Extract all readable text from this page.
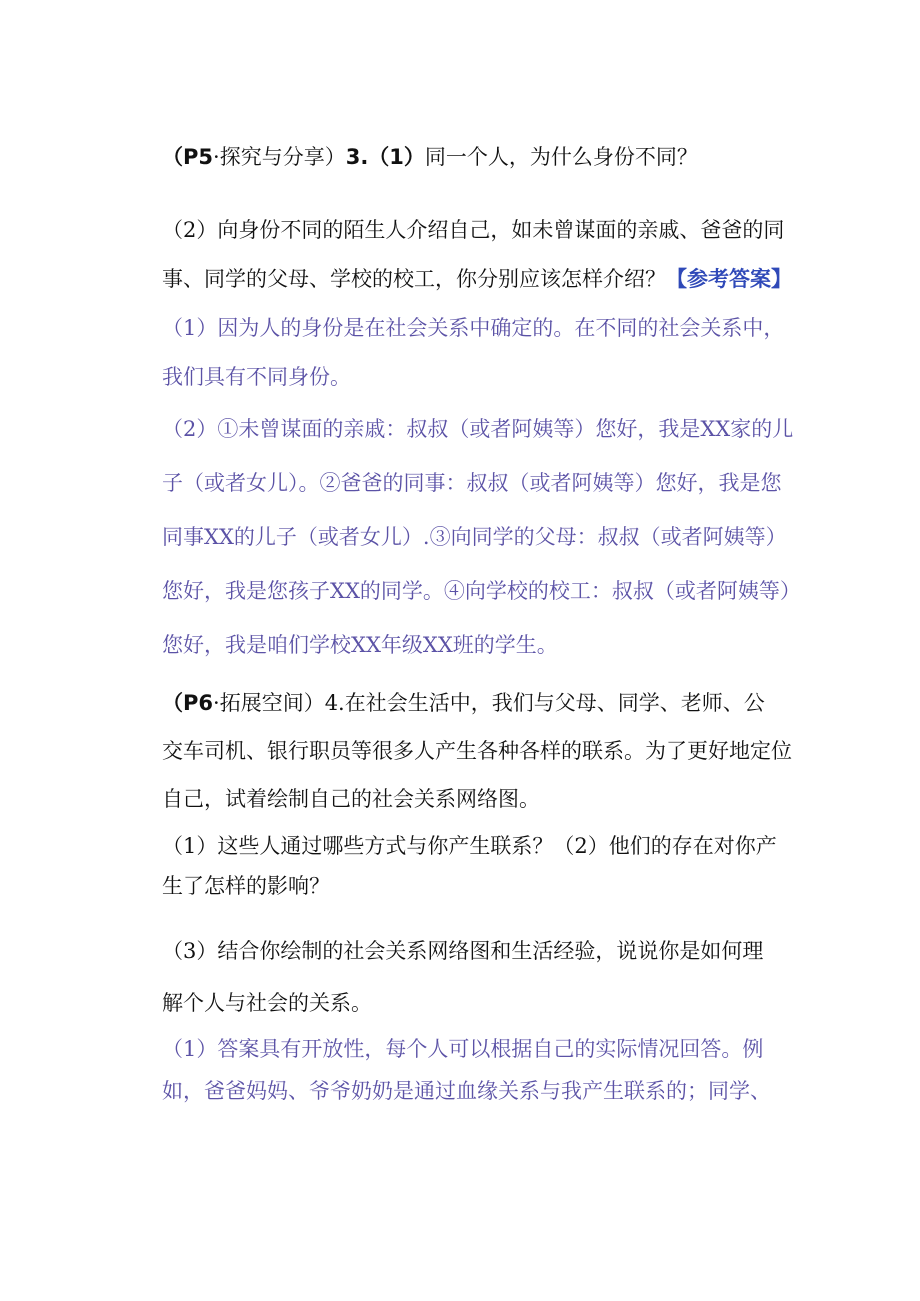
（P5·探究与分享）3.（1）同一个人，为什么身份不同？
（2）向身份不同的陌生人介绍自己，如未曾谋面的亲戚、爸爸的同
事、同学的父母、学校的校工，你分别应该怎样介绍？【参考答案】
（1）因为人的身份是在社会关系中确定的。在不同的社会关系中，
我们具有不同身份。
（2）①未曾谋面的亲戚：叔叔（或者阿姨等）您好，我是XX家的儿
子（或者女儿）。②爸爸的同事：叔叔（或者阿姨等）您好，我是您
同事XX的儿子（或者女儿）.③向同学的父母：叔叔（或者阿姨等）
您好，我是您孩子XX的同学。④向学校的校工：叔叔（或者阿姨等）
您好，我是咱们学校XX年级XX班的学生。
（P6·拓展空间）4.在社会生活中，我们与父母、同学、老师、公
交车司机、银行职员等很多人产生各种各样的联系。为了更好地定位
自己，试着绘制自己的社会关系网络图。
（1）这些人通过哪些方式与你产生联系？（2）他们的存在对你产
生了怎样的影响？
（3）结合你绘制的社会关系网络图和生活经验，说说你是如何理
解个人与社会的关系。
（1）答案具有开放性，每个人可以根据自己的实际情况回答。例
如，爸爸妈妈、爷爷奶奶是通过血缘关系与我产生联系的；同学、
